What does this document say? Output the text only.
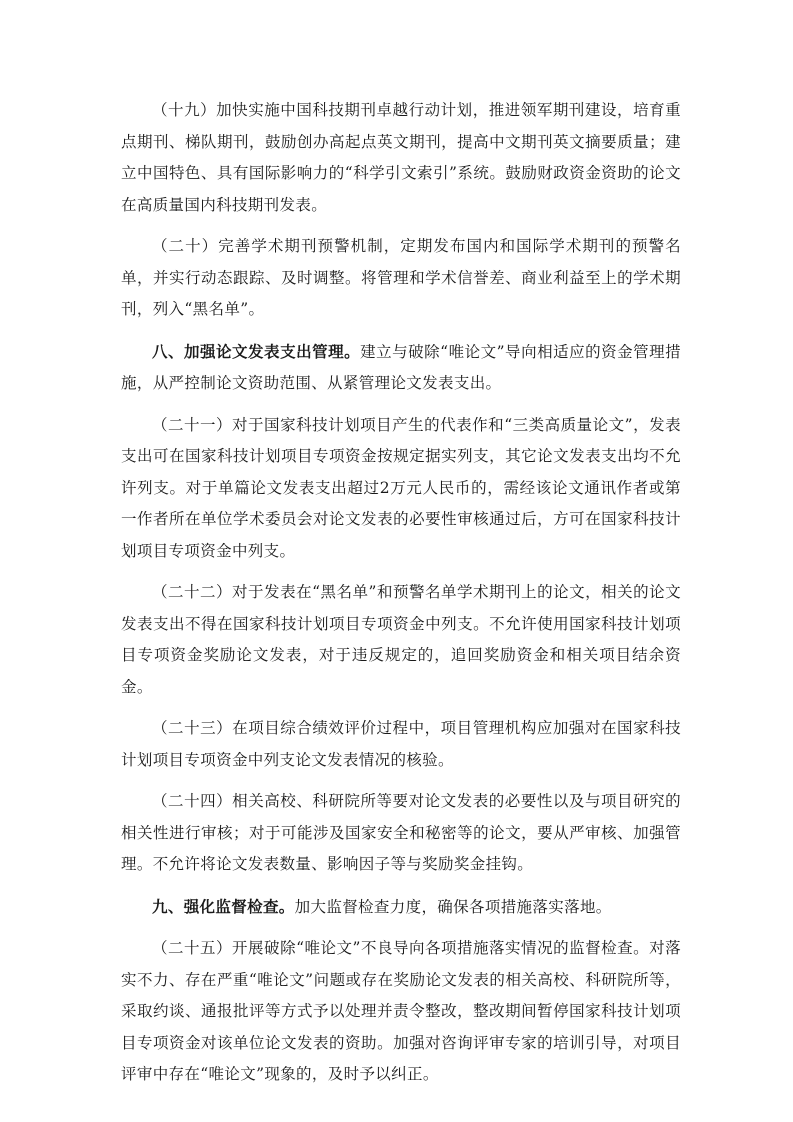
（十九）加快实施中国科技期刊卓越行动计划，推进领军期刊建设，培育重点期刊、梯队期刊，鼓励创办高起点英文期刊，提高中文期刊英文摘要质量；建立中国特色、具有国际影响力的“科学引文索引”系统。鼓励财政资金资助的论文在高质量国内科技期刊发表。

（二十）完善学术期刊预警机制，定期发布国内和国际学术期刊的预警名单，并实行动态跟踪、及时调整。将管理和学术信誉差、商业利益至上的学术期刊，列入“黑名单”。

八、加强论文发表支出管理。建立与破除“唯论文”导向相适应的资金管理措施，从严控制论文资助范围、从紧管理论文发表支出。

（二十一）对于国家科技计划项目产生的代表作和“三类高质量论文”，发表支出可在国家科技计划项目专项资金按规定据实列支，其它论文发表支出均不允许列支。对于单篇论文发表支出超过2万元人民币的，需经该论文通讯作者或第一作者所在单位学术委员会对论文发表的必要性审核通过后，方可在国家科技计划项目专项资金中列支。

（二十二）对于发表在“黑名单”和预警名单学术期刊上的论文，相关的论文发表支出不得在国家科技计划项目专项资金中列支。不允许使用国家科技计划项目专项资金奖励论文发表，对于违反规定的，追回奖励资金和相关项目结余资金。

（二十三）在项目综合绩效评价过程中，项目管理机构应加强对在国家科技计划项目专项资金中列支论文发表情况的核验。

（二十四）相关高校、科研院所等要对论文发表的必要性以及与项目研究的相关性进行审核；对于可能涉及国家安全和秘密等的论文，要从严审核、加强管理。不允许将论文发表数量、影响因子等与奖励奖金挂钩。

九、强化监督检查。加大监督检查力度，确保各项措施落实落地。

（二十五）开展破除“唯论文”不良导向各项措施落实情况的监督检查。对落实不力、存在严重“唯论文”问题或存在奖励论文发表的相关高校、科研院所等，采取约谈、通报批评等方式予以处理并责令整改，整改期间暂停国家科技计划项目专项资金对该单位论文发表的资助。加强对咨询评审专家的培训引导，对项目评审中存在“唯论文”现象的，及时予以纠正。
